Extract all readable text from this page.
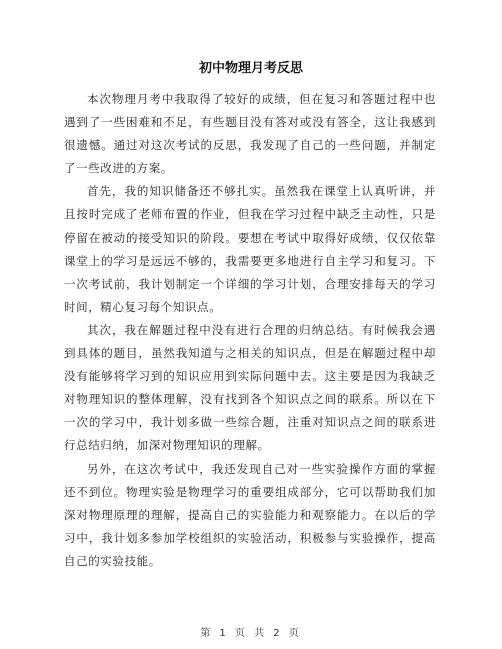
初中物理月考反思

本次物理月考中我取得了较好的成绩，但在复习和答题过程中也遇到了一些困难和不足，有些题目没有答对或没有答全，这让我感到很遗憾。通过对这次考试的反思，我发现了自己的一些问题，并制定了一些改进的方案。

首先，我的知识储备还不够扎实。虽然我在课堂上认真听讲，并且按时完成了老师布置的作业，但我在学习过程中缺乏主动性，只是停留在被动的接受知识的阶段。要想在考试中取得好成绩，仅仅依靠课堂上的学习是远远不够的，我需要更多地进行自主学习和复习。下一次考试前，我计划制定一个详细的学习计划，合理安排每天的学习时间，精心复习每个知识点。

其次，我在解题过程中没有进行合理的归纳总结。有时候我会遇到具体的题目，虽然我知道与之相关的知识点，但是在解题过程中却没有能够将学习到的知识应用到实际问题中去。这主要是因为我缺乏对物理知识的整体理解，没有找到各个知识点之间的联系。所以在下一次的学习中，我计划多做一些综合题，注重对知识点之间的联系进行总结归纳，加深对物理知识的理解。

另外，在这次考试中，我还发现自己对一些实验操作方面的掌握还不到位。物理实验是物理学习的重要组成部分，它可以帮助我们加深对物理原理的理解，提高自己的实验能力和观察能力。在以后的学习中，我计划多参加学校组织的实验活动，积极参与实验操作，提高自己的实验技能。

第 1 页 共 2 页
